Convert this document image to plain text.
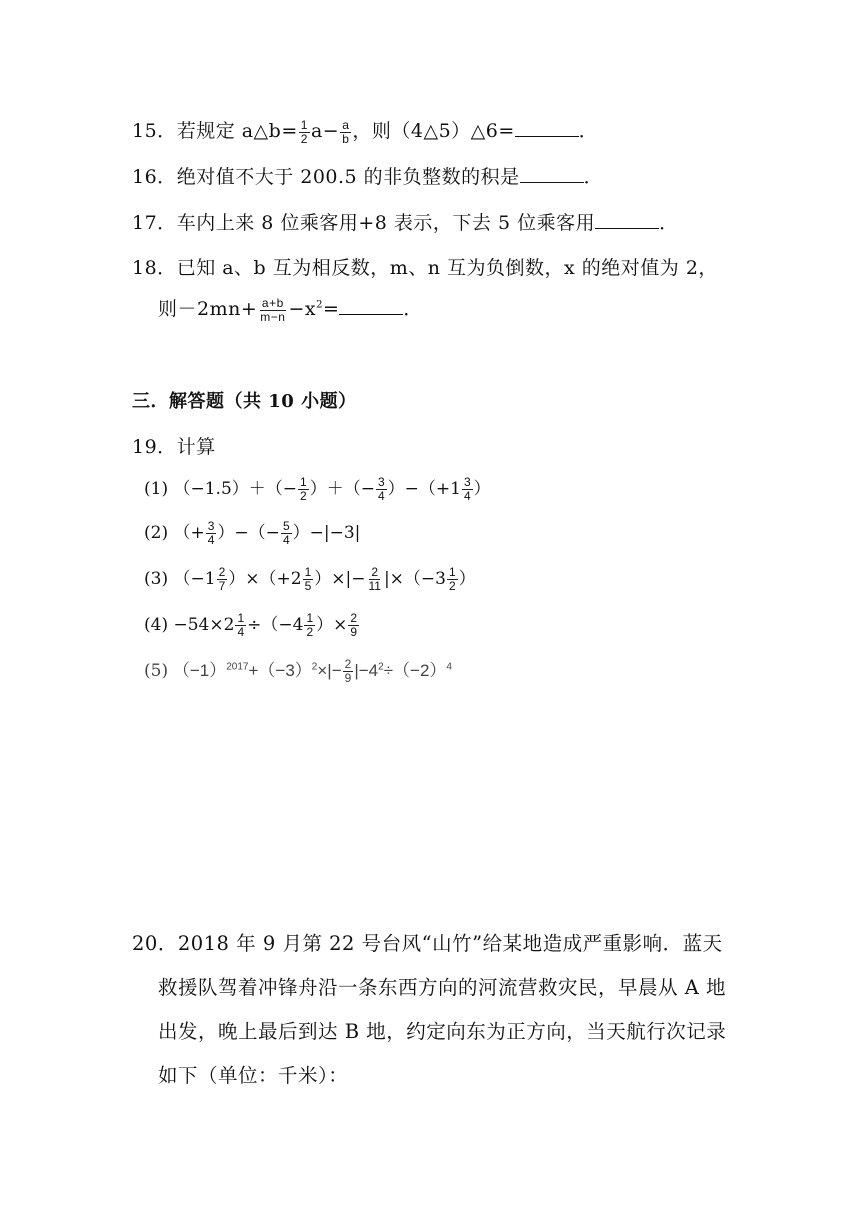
15．若规定 a△b= $\frac{1}{2} a- \frac{a}{b}$ ，则（4△5）△6=	．
16．绝对值不大于 200.5 的非负整数的积是	．
17．车内上来 8 位乘客用+8 表示，下去 5 位乘客用	．
18．已知 a、b 互为相反数，m、n 互为负倒数，x 的绝对值为 2，
则$-2mn+ \frac{a+b}{m-n} -x^2=$	．
三．解答题（共 10 小题）
19．计算
(1) $(-1.5)+(- \frac{1}{2}$ ）＋（− $\frac{3}{4} )-(+1 \frac{3}{4}$ ）
(2) （+ $\frac{3}{4}$ ）−（− $\frac{5}{4} )-|-3|$
(3) $(-1 \frac{2}{7} )\times(+2 \frac{1}{5}$ ）×|− $\frac{2}{11} |\times(-3 \frac{1}{2}$ ）
$(4) -54\times 2 \frac{1}{4} \div(-4 \frac{1}{2}$ ）× $\frac{2}{9}$
(5) $(-1)^{2017}+(-3)^2\times|- \frac{2}{9} |-4^2\div(-2)^4$
20．2018 年 9 月第 22 号台风“山竹”给某地造成严重影响．蓝天
救援队驾着冲锋舟沿一条东西方向的河流营救灾民，早晨从 A 地
出发，晚上最后到达 B 地，约定向东为正方向，当天航行次记录
如下（单位：千米）：
